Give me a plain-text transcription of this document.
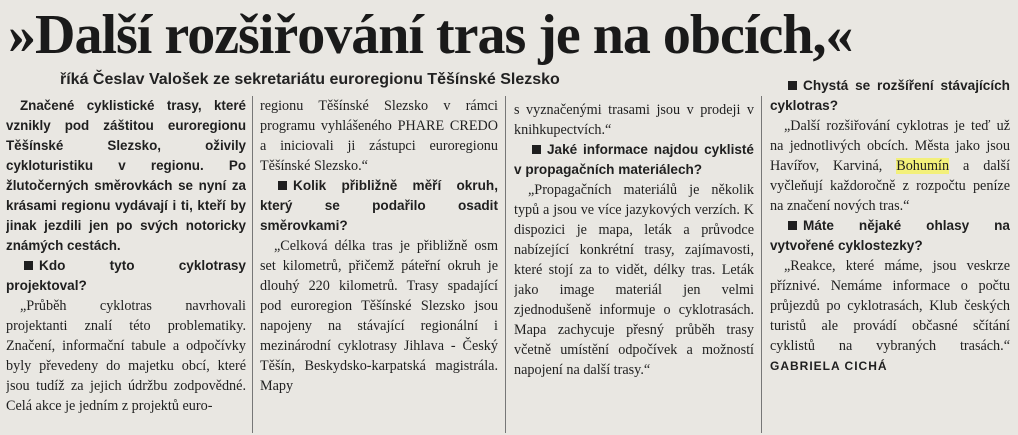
»Další rozšiřování tras je na obcích,«
říká Česlav Valošek ze sekretariátu euroregionu Těšínské Slezsko

Značené cyklistické trasy, které vznikly pod záštitou euroregionu Těšínské Slezsko, oživily cykloturistiku v regionu. Po žlutočerných směrovkách se nyní za krásami regionu vydávají i ti, kteří by jinak jezdili jen po svých notoricky známých cestách.

Kdo tyto cyklotrasy projektoval?

„Průběh cyklotras navrhovali projektanti znalí této problematiky. Značení, informační tabule a odpočívky byly převedeny do majetku obcí, které jsou tudíž za jejich údržbu zodpovědné. Celá akce je jedním z projektů euro-

regionu Těšínské Slezsko v rámci programu vyhlášeného PHARE CREDO a iniciovali ji zástupci euroregionu Těšínské Slezsko.“

Kolik přibližně měří okruh, který se podařilo osadit směrovkami?

„Celková délka tras je přibližně osm set kilometrů, přičemž páteřní okruh je dlouhý 220 kilometrů. Trasy spadající pod euroregion Těšínské Slezsko jsou napojeny na stávající regionální i mezinárodní cyklotrasy Jihlava - Český Těšín, Beskydsko-karpatská magistrála. Mapy

s vyznačenými trasami jsou v prodeji v knihkupectvích.“

Jaké informace najdou cyklisté v propagačních materiálech?

„Propagačních materiálů je několik typů a jsou ve více jazykových verzích. K dispozici je mapa, leták a průvodce nabízející konkrétní trasy, zajímavosti, které stojí za to vidět, délky tras. Leták jako image materiál jen velmi zjednodušeně informuje o cyklotrasách. Mapa zachycuje přesný průběh trasy včetně umístění odpočívek a možností napojení na další trasy.“

Chystá se rozšíření stávajících cyklotras?

„Další rozšiřování cyklotras je teď už na jednotlivých obcích. Města jako jsou Havířov, Karviná, Bohumín a další vyčleňují každoročně z rozpočtu peníze na značení nových tras.“

Máte nějaké ohlasy na vytvořené cyklostezky?

„Reakce, které máme, jsou veskrze příznivé. Nemáme informace o počtu průjezdů po cyklotrasách, Klub českých turistů ale provádí občasné sčítání cyklistů na vybraných trasách.“ GABRIELA CICHÁ
